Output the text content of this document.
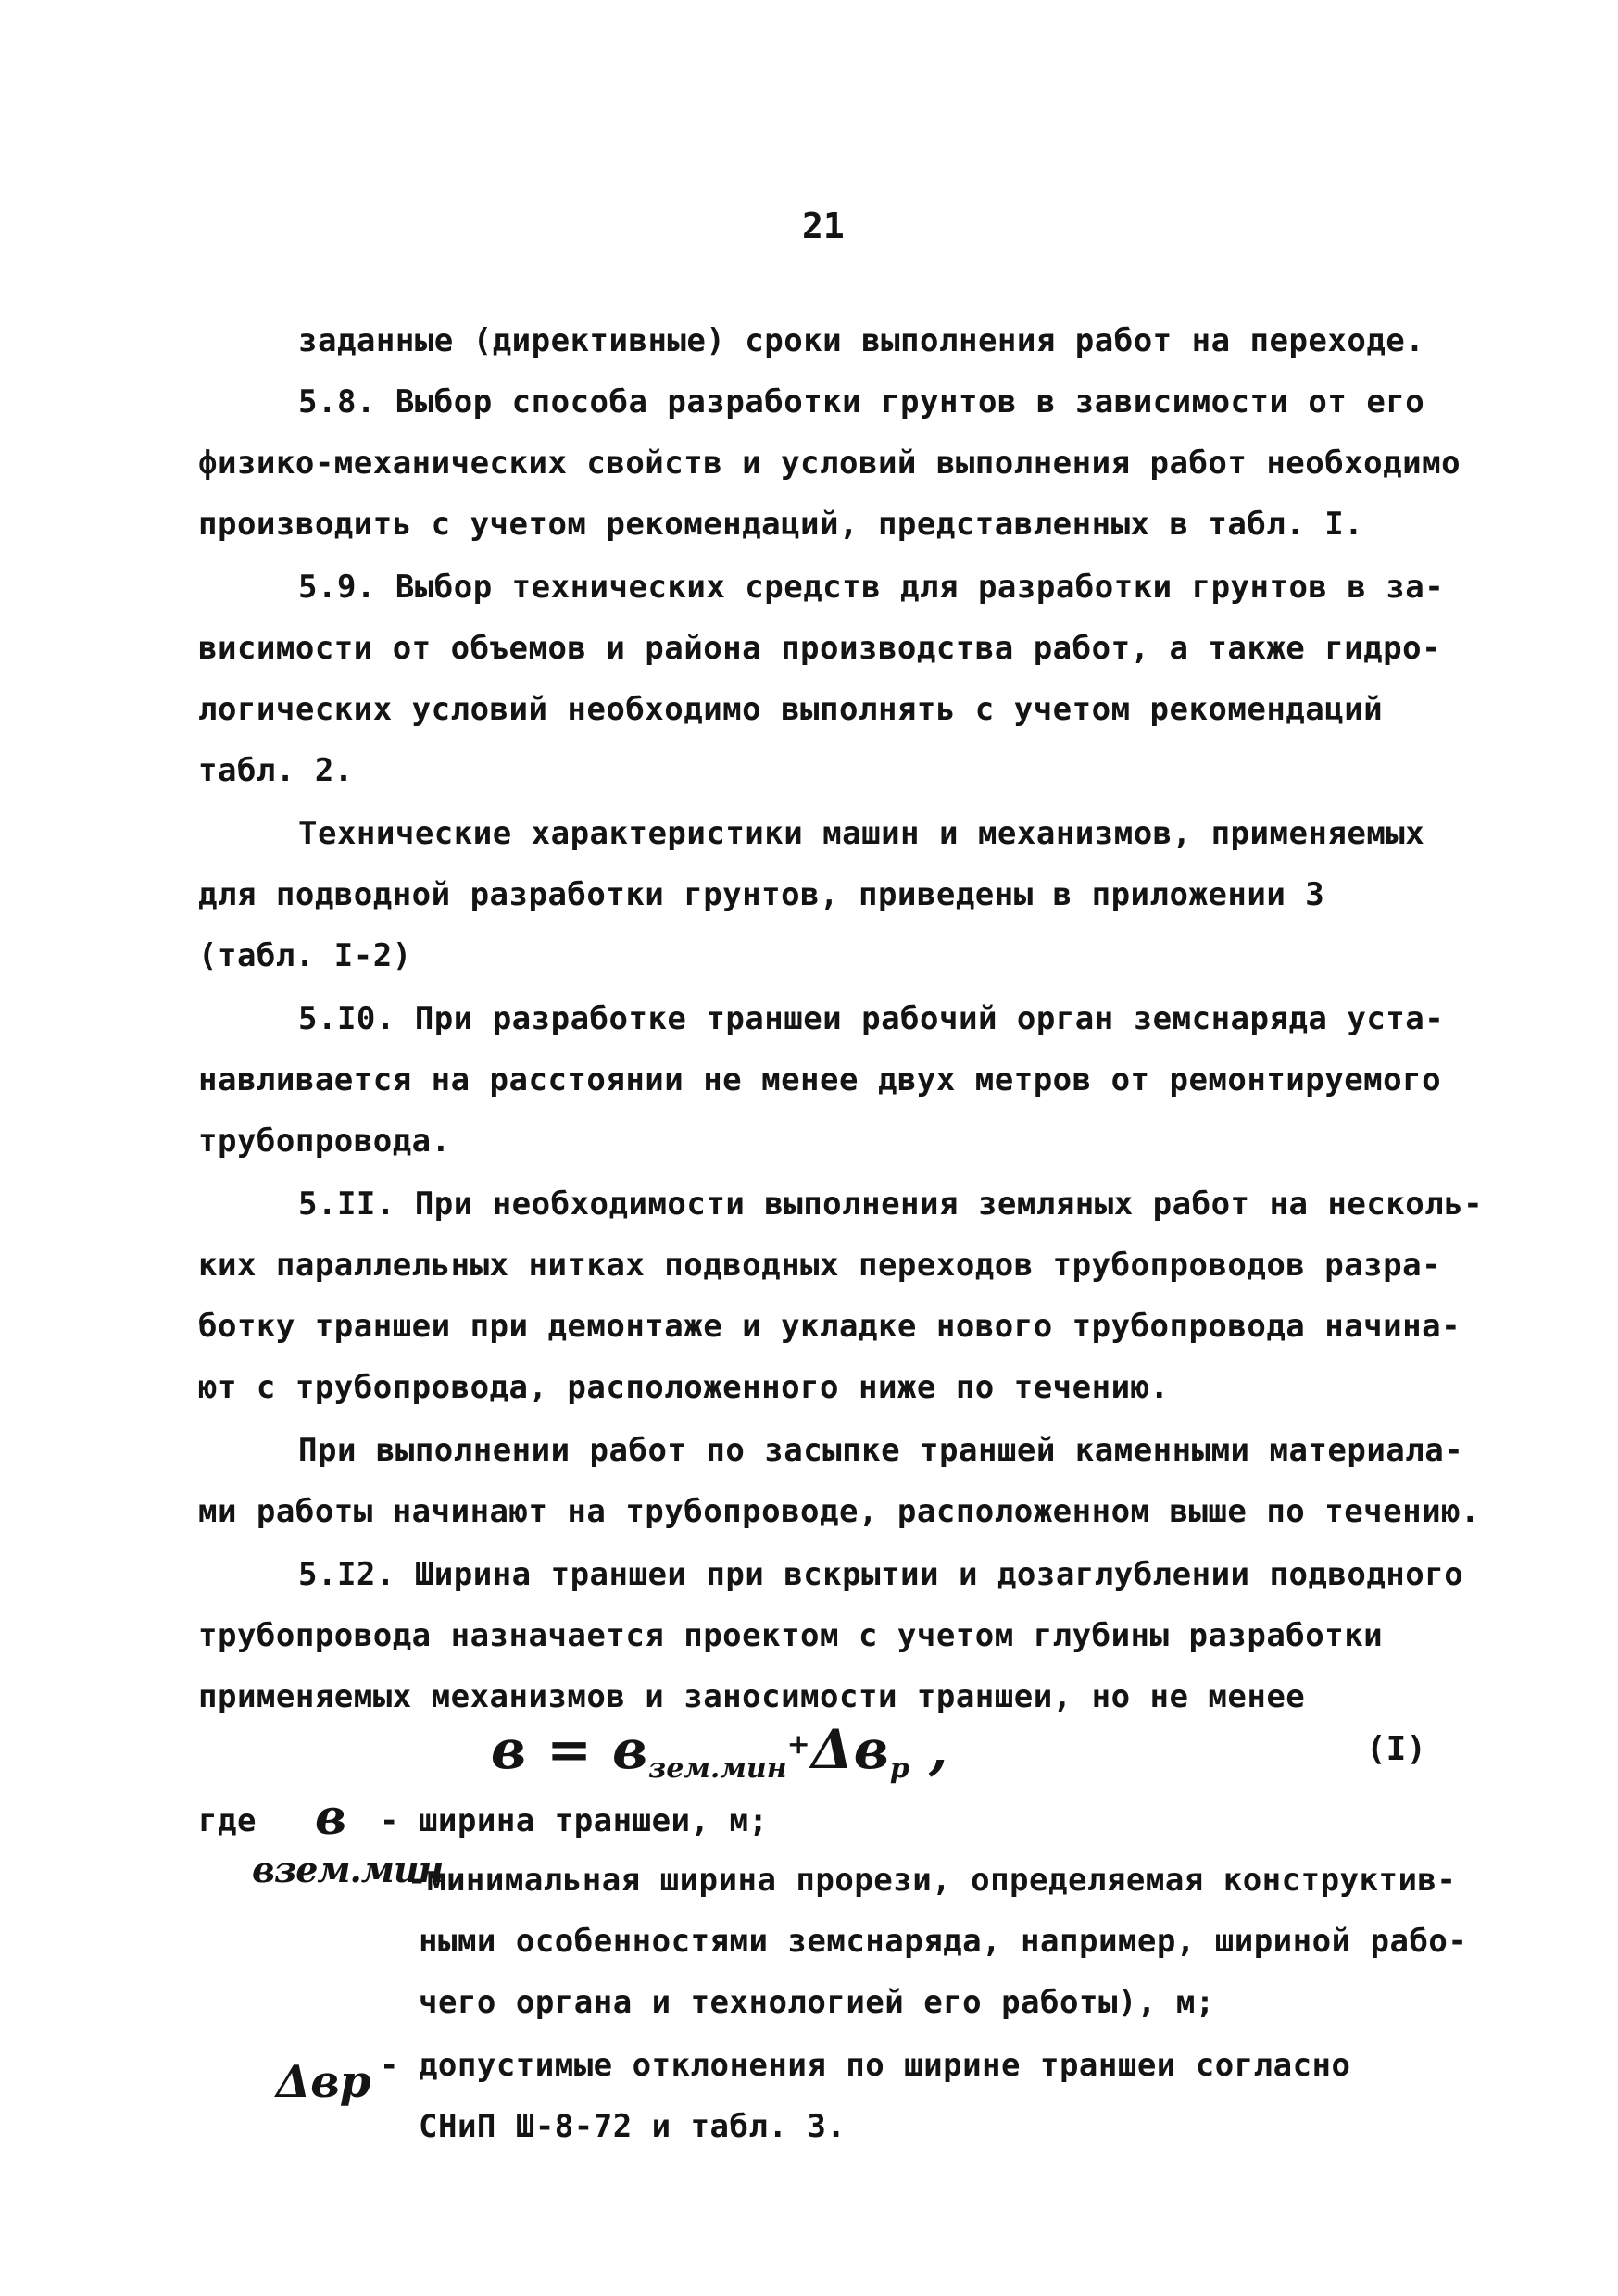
21
заданные (директивные) сроки выполнения работ на переходе.
5.8. Выбор способа разработки грунтов в зависимости от его
физико-механических свойств и условий выполнения работ необходимо
производить с учетом рекомендаций, представленных в табл. I.
5.9. Выбор технических средств для разработки грунтов в за-
висимости от объемов и района производства работ, а также гидро-
логических условий необходимо выполнять с учетом рекомендаций
табл. 2.
Технические характеристики машин и механизмов, применяемых
для подводной разработки грунтов, приведены в приложении 3
(табл. I-2)
5.I0. При разработке траншеи рабочий орган земснаряда уста-
навливается на расстоянии не менее двух метров от ремонтируемого
трубопровода.
5.II. При необходимости выполнения земляных работ на несколь-
ких параллельных нитках подводных переходов трубопроводов разра-
ботку траншеи при демонтаже и укладке нового трубопровода начина-
ют с трубопровода, расположенного ниже по течению.
При выполнении работ по засыпке траншей каменными материала-
ми работы начинают на трубопроводе, расположенном выше по течению.
5.I2. Ширина траншеи при вскрытии и дозаглублении подводного
трубопровода назначается проектом с учетом глубины разработки
применяемых механизмов и заносимости траншеи, но не менее
$в = в_{зем.мин}^+\Delta в_р$ ,	(I)
где в - ширина траншеи, м;
взем.мин
-минимальная ширина прорези, определяемая конструктив-
ными особенностями земснаряда, например, шириной рабо-
чего органа и технологией его работы), м;
Δвр - допустимые отклонения по ширине траншеи согласно
СНиП Ш-8-72 и табл. 3.
